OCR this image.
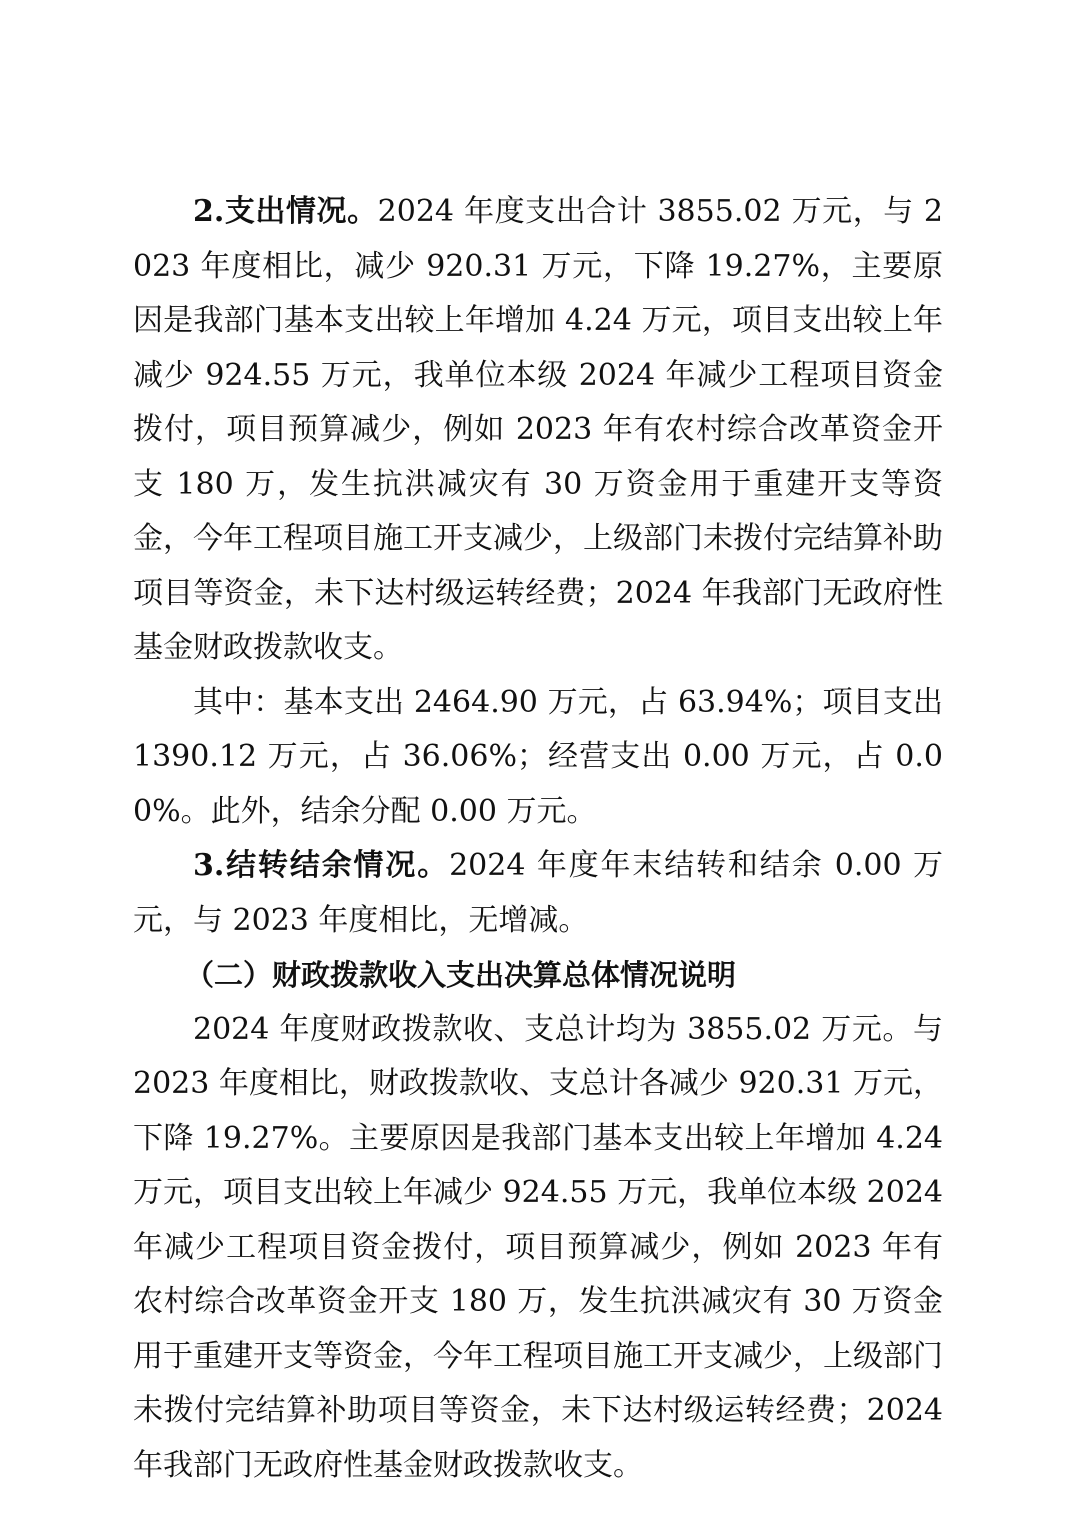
2.支出情况。2024 年度支出合计 3855.02 万元，与 2023 年度相比，减少 920.31 万元，下降 19.27%，主要原因是我部门基本支出较上年增加 4.24 万元，项目支出较上年减少 924.55 万元，我单位本级 2024 年减少工程项目资金拨付，项目预算减少，例如 2023 年有农村综合改革资金开支 180 万，发生抗洪减灾有 30 万资金用于重建开支等资金，今年工程项目施工开支减少，上级部门未拨付完结算补助项目等资金，未下达村级运转经费；2024 年我部门无政府性基金财政拨款收支。

其中：基本支出 2464.90 万元，占 63.94%；项目支出 1390.12 万元，占 36.06%；经营支出 0.00 万元，占 0.00%。此外，结余分配 0.00 万元。

3.结转结余情况。2024 年度年末结转和结余 0.00 万元，与 2023 年度相比，无增减。

（二）财政拨款收入支出决算总体情况说明

2024 年度财政拨款收、支总计均为 3855.02 万元。与 2023 年度相比，财政拨款收、支总计各减少 920.31 万元，下降 19.27%。主要原因是我部门基本支出较上年增加 4.24 万元，项目支出较上年减少 924.55 万元，我单位本级 2024 年减少工程项目资金拨付，项目预算减少，例如 2023 年有农村综合改革资金开支 180 万，发生抗洪减灾有 30 万资金用于重建开支等资金，今年工程项目施工开支减少，上级部门未拨付完结算补助项目等资金，未下达村级运转经费；2024 年我部门无政府性基金财政拨款收支。
